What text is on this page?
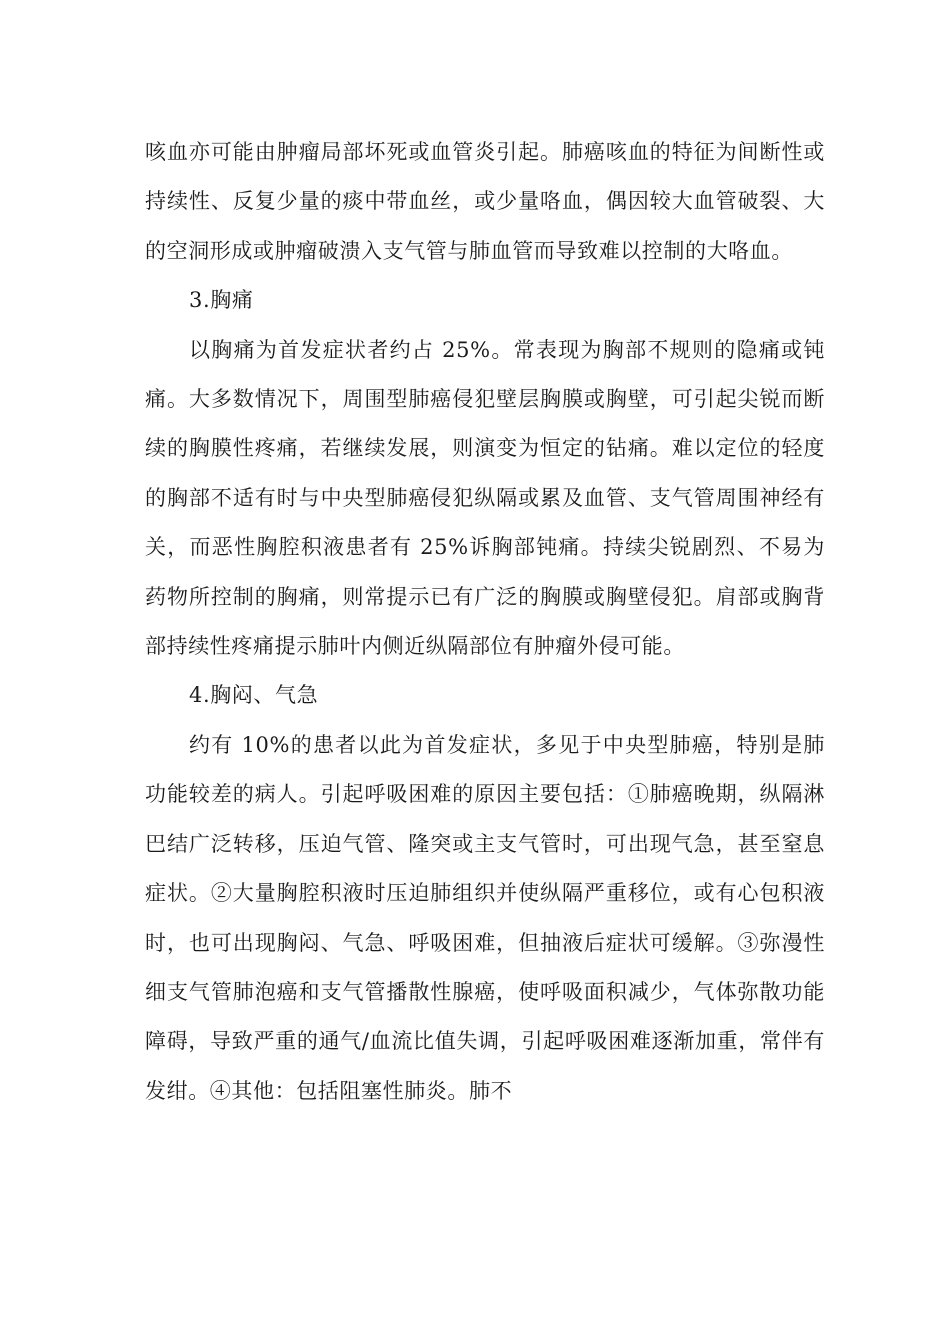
咳血亦可能由肿瘤局部坏死或血管炎引起。肺癌咳血的特征为间断性或持续性、反复少量的痰中带血丝，或少量咯血，偶因较大血管破裂、大的空洞形成或肿瘤破溃入支气管与肺血管而导致难以控制的大咯血。

3.胸痛

以胸痛为首发症状者约占 25%。常表现为胸部不规则的隐痛或钝痛。大多数情况下，周围型肺癌侵犯壁层胸膜或胸壁，可引起尖锐而断续的胸膜性疼痛，若继续发展，则演变为恒定的钻痛。难以定位的轻度的胸部不适有时与中央型肺癌侵犯纵隔或累及血管、支气管周围神经有关，而恶性胸腔积液患者有 25%诉胸部钝痛。持续尖锐剧烈、不易为药物所控制的胸痛，则常提示已有广泛的胸膜或胸壁侵犯。肩部或胸背部持续性疼痛提示肺叶内侧近纵隔部位有肿瘤外侵可能。

4.胸闷、气急

约有 10%的患者以此为首发症状，多见于中央型肺癌，特别是肺功能较差的病人。引起呼吸困难的原因主要包括：①肺癌晚期，纵隔淋巴结广泛转移，压迫气管、隆突或主支气管时，可出现气急，甚至窒息症状。②大量胸腔积液时压迫肺组织并使纵隔严重移位，或有心包积液时，也可出现胸闷、气急、呼吸困难，但抽液后症状可缓解。③弥漫性细支气管肺泡癌和支气管播散性腺癌，使呼吸面积减少，气体弥散功能障碍，导致严重的通气/血流比值失调，引起呼吸困难逐渐加重，常伴有发绀。④其他：包括阻塞性肺炎。肺不
